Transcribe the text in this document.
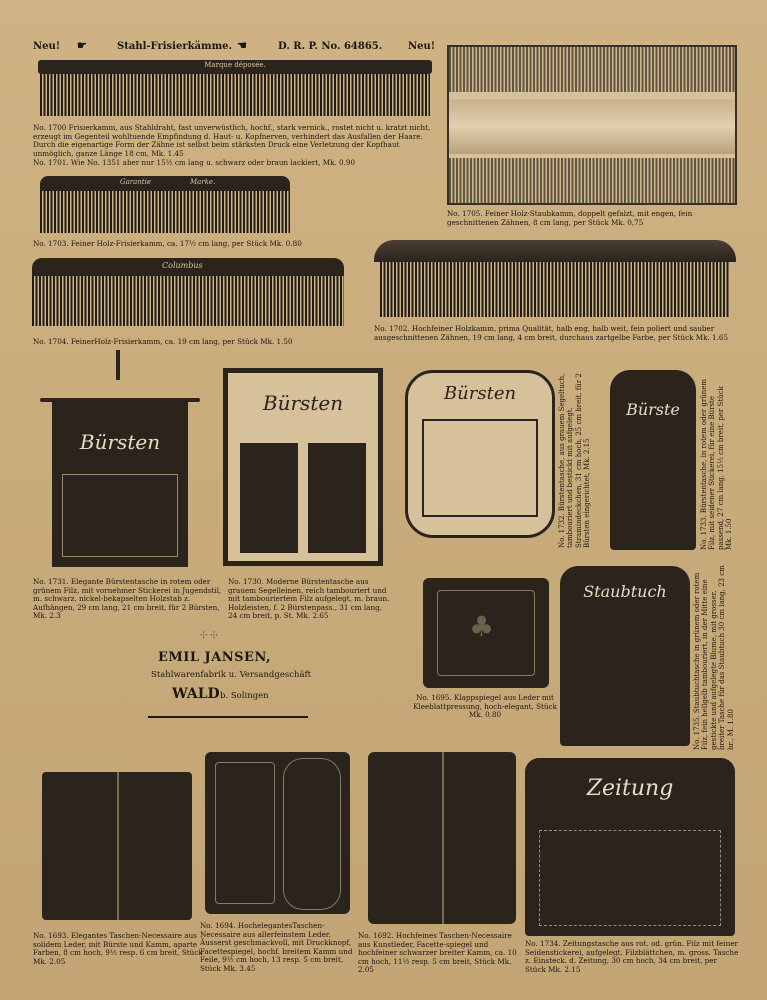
Neu! ☛	Stahl-Frisierkämme. ☛	D. R. P. No. 64865.	Neu!
Marque déposée.
No. 1700 Frisierkamm, aus Stahldraht, fast unverwüstlich, hochf., stark vernick., rostet nicht u. kratzt nicht, erzeugt im Gegenteil wohltuende Empfindung d. Haut- u. Kopfnerven, verhindert das Ausfallen der Haare. Durch die eigenartige Form der Zähne ist selbst beim stärksten Druck eine Verletzung der Kopfhaut unmöglich, ganze Länge 18 cm, Mk. 1.45
No. 1701. Wie No. 1351 aber nur 15½ cm lang u. schwarz oder braun lackiert, Mk. 0.90
Garantie	Marke.
No. 1703. Feiner Holz-Frisierkamm, ca. 17½ cm lang, per Stück Mk. 0.80
Columbus
No. 1704. FeinerHolz-Frisierkamm, ca. 19 cm lang, per Stück Mk. 1.50
No. 1705. Feiner Holz-Staubkamm, doppelt gefalzt, mit engen, fein geschnittenen Zähnen, 8 cm lang, per Stück Mk. 0,75
No. 1702. Hochfeiner Holzkamm, prima Qualität, halb eng, halb weit, fein poliert und sauber ausgeschnittenen Zähnen, 19 cm lang, 4 cm breit, durchaus zartgelbe Farbe, per Stück Mk. 1.65
Bürsten
No. 1731. Elegante Bürstentasche in rotem oder grünem Filz, mit vornehmer Stickerei in Jugendstil, m. schwarz. nickel-bekapselten Holzstab z. Aufhängen, 29 cm lang, 21 cm breit, für 2 Bürsten, Mk. 2.3
Bürsten
No. 1730. Moderne Bürstentasche aus grauem Segelleinen, reich tambouriert und mit tambouriertem Filz aufgelegt, m. braun. Holzleisten, f. 2 Bürstenpass., 31 cm lang, 24 cm breit, p. St. Mk. 2.65
Bürsten	No. 1732. Bürstentasche, aus grauem Segeltuch, tambouriert und bestickt mit aufgelegt. Stramindeckchen, 31 cm hoch, 25 cm breit, für 2 Bürsten eingerichtet, Mk. 2.15
Bürste	No. 1733. Bürstentasche, in rotem oder grünem Filz, mit seidener Stickerei, für eine Bürste passend, 27 cm lang, 15½ cm breit, per Stück Mk. 1.50
⸭ ⸭
EMIL JANSEN,
Stahlwarenfabrik u. Versandgeschäft
WALD b. Solingen
♣
No. 1695. Klappspiegel aus Leder mit Kleeblattpressung, hoch-elegant, Stück Mk. 0.80
Staubtuch	No. 1735. Staubtuchtasche in grünem oder rotem Filz, fein hellgelb tambouriert, in der Mitte eine gestickte und aufgelegte Blume, mit grosser, breiter Tasche für das Staubtuch 30 cm lang, 23 cm br., M. 1.80
No. 1693. Elegantes Taschen-Necessaire aus solidem Leder, mit Bürste und Kamm, aparte Farben, 8 cm hoch, 9½ resp. 6 cm breit, Stück Mk. 2.05
No. 1694. HochelegantesTaschen-Necessaire aus allerfeinstem Leder. Äusserst geschmackvoll, mit Druckknopf, Facettespiegel, hochf. breitem Kamm und Feile, 9½ cm hoch, 13 resp. 5 cm breit, Stück Mk. 3.45
No. 1692. Hochfeines Taschen-Necessaire aus Kunstleder, Facette-spiegel und hochfeiner schwarzer breiter Kamm, ca. 10 cm hoch, 11½ resp. 5 cm breit, Stück Mk. 2.05
Zeitung
No. 1734. Zeitungstasche aus rot. od. grün. Filz mit feiner Seidenstickerei, aufgelegt. Filzblättchen, m. gross. Tasche z. Einsteck. d. Zeitung, 30 cm hoch, 34 cm breit, per Stück Mk. 2.15
